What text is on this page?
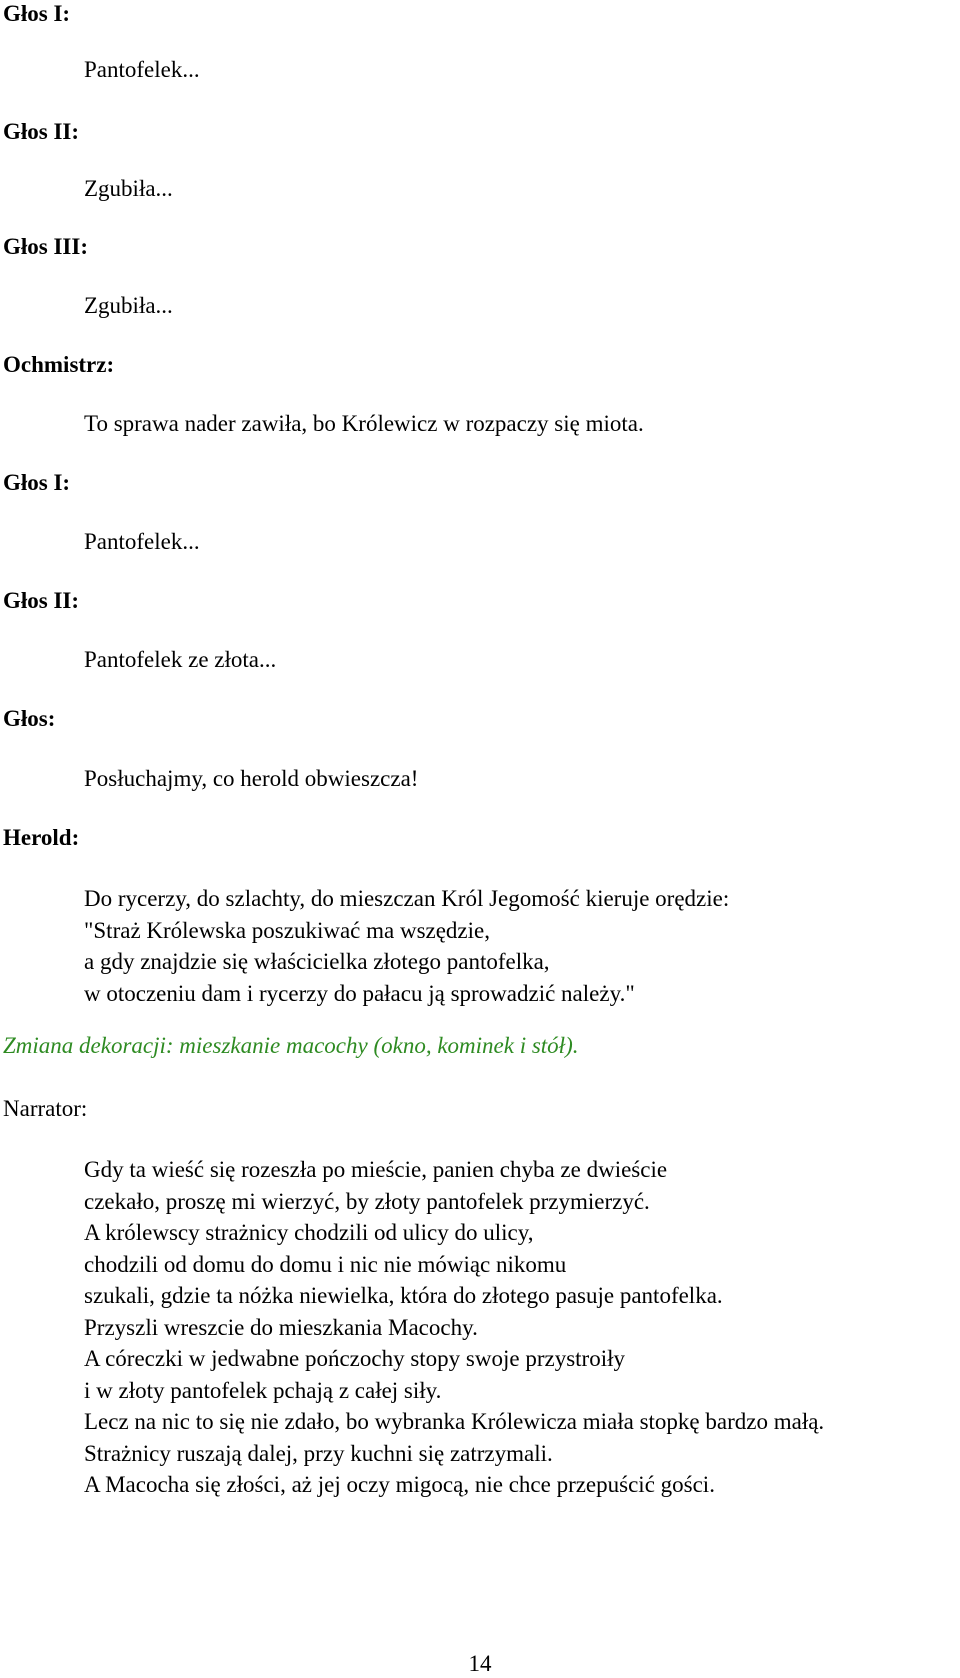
Głos I:
Pantofelek...
Głos II:
Zgubiła...
Głos III:
Zgubiła...
Ochmistrz:
To sprawa nader zawiła, bo Królewicz w rozpaczy się miota.
Głos I:
Pantofelek...
Głos II:
Pantofelek ze złota...
Głos:
Posłuchajmy, co herold obwieszcza!
Herold:
Do rycerzy, do szlachty, do mieszczan Król Jegomość kieruje orędzie:
"Straż Królewska poszukiwać ma wszędzie,
a gdy znajdzie się właścicielka złotego pantofelka,
w otoczeniu dam i rycerzy do pałacu ją sprowadzić należy."
Zmiana dekoracji: mieszkanie macochy (okno, kominek i stół).
Narrator:
Gdy ta wieść się rozeszła po mieście, panien chyba ze dwieście
czekało, proszę mi wierzyć, by złoty pantofelek przymierzyć.
A królewscy strażnicy chodzili od ulicy do ulicy,
chodzili od domu do domu i nic nie mówiąc nikomu
szukali, gdzie ta nóżka niewielka, która do złotego pasuje pantofelka.
Przyszli wreszcie do mieszkania Macochy.
A córeczki w jedwabne pończochy stopy swoje przystroiły
i w złoty pantofelek pchają z całej siły.
Lecz na nic to się nie zdało, bo wybranka Królewicza miała stopkę bardzo małą.
Strażnicy ruszają dalej, przy kuchni się zatrzymali.
A Macocha się złości, aż jej oczy migocą, nie chce przepuścić gości.
14
